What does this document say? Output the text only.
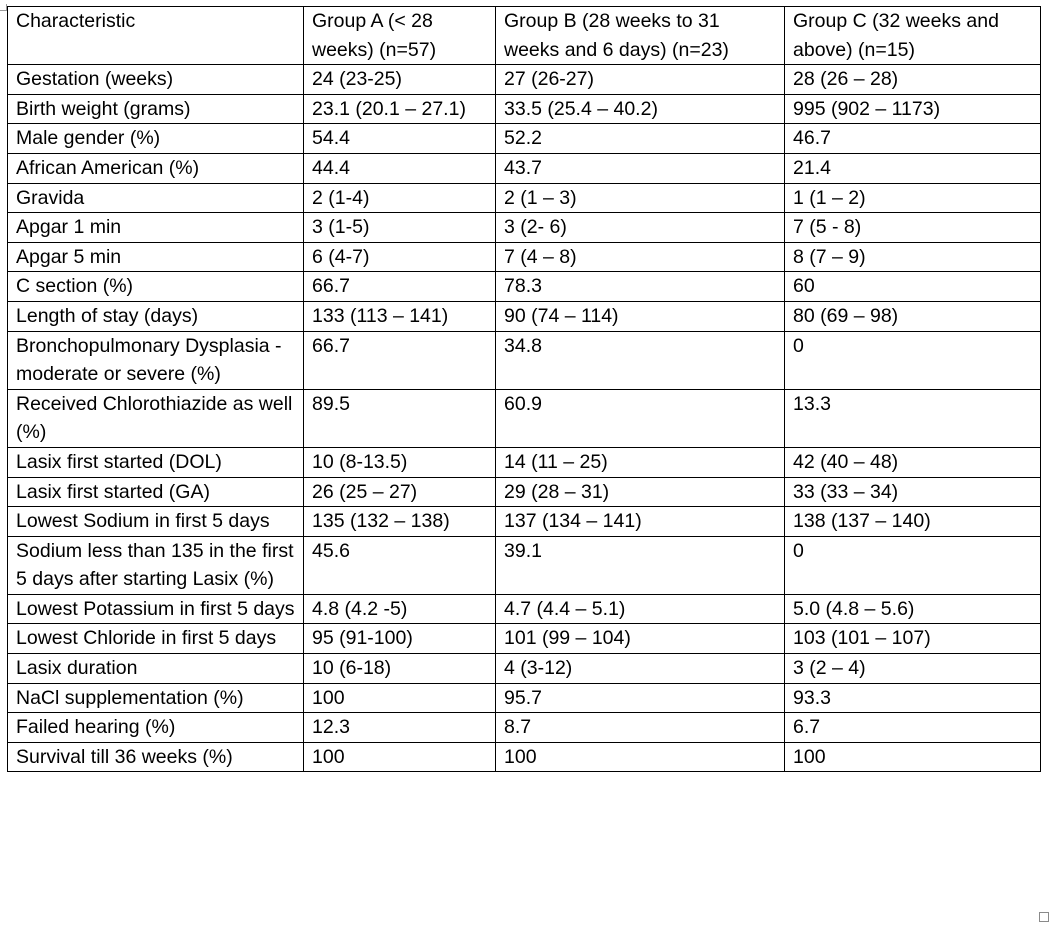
Characteristic	Group A (< 28 weeks) (n=57)	Group B (28 weeks to 31 weeks and 6 days) (n=23)	Group C (32 weeks and above) (n=15)
Gestation (weeks)	24 (23-25)	27 (26-27)	28 (26 – 28)
Birth weight (grams)	23.1 (20.1 – 27.1)	33.5 (25.4 – 40.2)	995 (902 – 1173)
Male gender (%)	54.4	52.2	46.7
African American (%)	44.4	43.7	21.4
Gravida	2 (1-4)	2 (1 – 3)	1 (1 – 2)
Apgar 1 min	3 (1-5)	3 (2- 6)	7 (5 - 8)
Apgar 5 min	6 (4-7)	7 (4 – 8)	8 (7 – 9)
C section (%)	66.7	78.3	60
Length of stay (days)	133 (113 – 141)	90 (74 – 114)	80 (69 – 98)
Bronchopulmonary Dysplasia - moderate or severe (%)	66.7	34.8	0
Received Chlorothiazide as well (%)	89.5	60.9	13.3
Lasix first started (DOL)	10 (8-13.5)	14 (11 – 25)	42 (40 – 48)
Lasix first started (GA)	26 (25 – 27)	29 (28 – 31)	33 (33 – 34)
Lowest Sodium in first 5 days	135 (132 – 138)	137 (134 – 141)	138 (137 – 140)
Sodium less than 135 in the first 5 days after starting Lasix (%)	45.6	39.1	0
Lowest Potassium in first 5 days	4.8 (4.2 -5)	4.7 (4.4 – 5.1)	5.0 (4.8 – 5.6)
Lowest Chloride in first 5 days	95 (91-100)	101 (99 – 104)	103 (101 – 107)
Lasix duration	10 (6-18)	4 (3-12)	3 (2 – 4)
NaCl supplementation (%)	100	95.7	93.3
Failed hearing (%)	12.3	8.7	6.7
Survival till 36 weeks (%)	100	100	100
